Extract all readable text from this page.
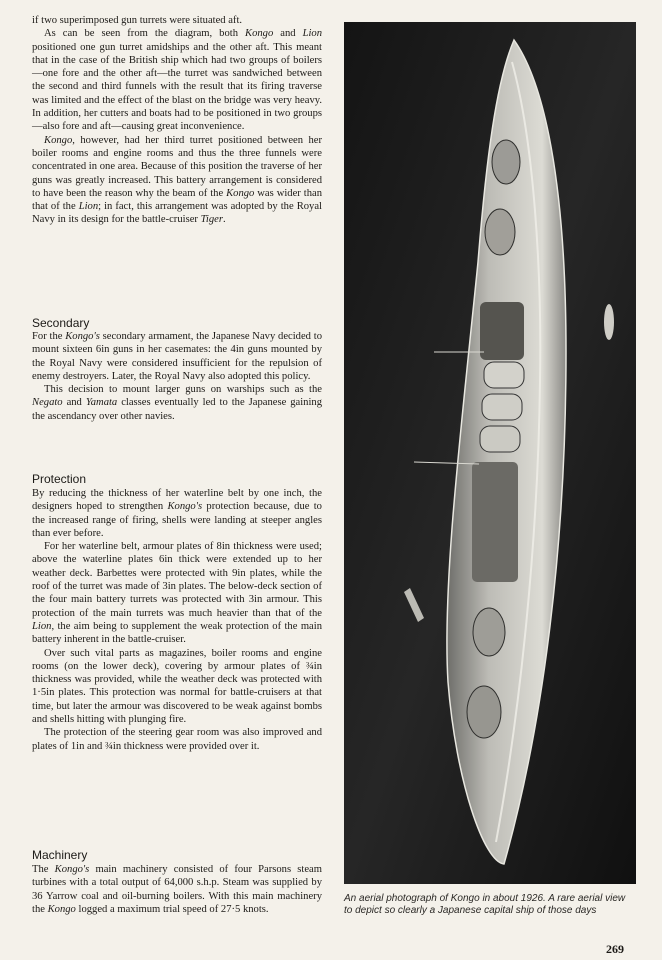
if two superimposed gun turrets were situated aft.

As can be seen from the diagram, both Kongo and Lion positioned one gun turret amidships and the other aft. This meant that in the case of the British ship which had two groups of boilers—one fore and the other aft—the turret was sandwiched between the second and third funnels with the result that its firing traverse was limited and the effect of the blast on the bridge was very heavy. In addition, her cutters and boats had to be positioned in two groups—also fore and aft—causing great inconvenience.

Kongo, however, had her third turret positioned between her boiler rooms and engine rooms and thus the three funnels were concentrated in one area. Because of this position the traverse of her guns was greatly increased. This battery arrangement is considered to have been the reason why the beam of the Kongo was wider than that of the Lion; in fact, this arrangement was adopted by the Royal Navy in its design for the battle-cruiser Tiger.

Secondary

For the Kongo's secondary armament, the Japanese Navy decided to mount sixteen 6in guns in her casemates: the 4in guns mounted by the Royal Navy were considered insufficient for the repulsion of enemy destroyers. Later, the Royal Navy also adopted this policy.

This decision to mount larger guns on warships such as the Negato and Yamata classes eventually led to the Japanese gaining the ascendancy over other navies.

Protection

By reducing the thickness of her waterline belt by one inch, the designers hoped to strengthen Kongo's protection because, due to the increased range of firing, shells were landing at steeper angles than ever before.

For her waterline belt, armour plates of 8in thickness were used; above the waterline plates 6in thick were extended up to her weather deck. Barbettes were protected with 9in plates, while the roof of the turret was made of 3in plates. The below-deck section of the four main battery turrets was protected with 3in armour. This protection of the main turrets was much heavier than that of the Lion, the aim being to supplement the weak protection of the main battery inherent in the battle-cruiser.

Over such vital parts as magazines, boiler rooms and engine rooms (on the lower deck), covering by armour plates of ¾in thickness was provided, while the weather deck was protected with 1·5in plates. This protection was normal for battle-cruisers at that time, but later the armour was discovered to be weak against bombs and shells hitting with plunging fire.

The protection of the steering gear room was also improved and plates of 1in and ¾in thickness were provided over it.

Machinery

The Kongo's main machinery consisted of four Parsons steam turbines with a total output of 64,000 s.h.p. Steam was supplied by 36 Yarrow coal and oil-burning boilers. With this main machinery the Kongo logged a maximum trial speed of 27·5 knots.

An aerial photograph of Kongo in about 1926. A rare aerial view to depict so clearly a Japanese capital ship of those days
269
